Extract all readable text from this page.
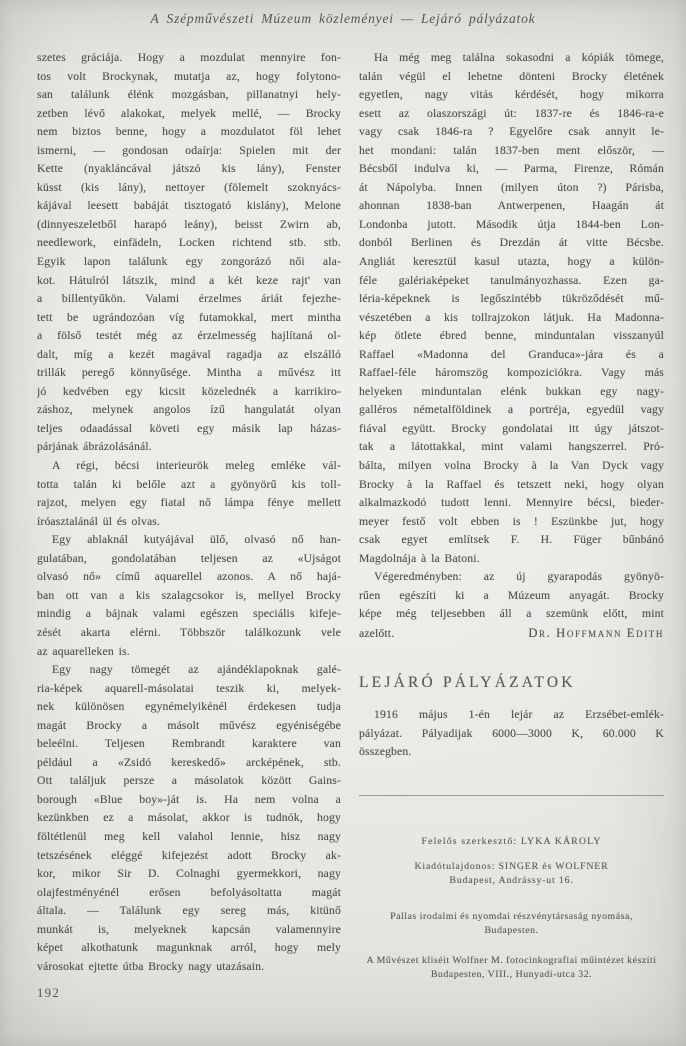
A Szépművészeti Múzeum közleményei — Lejáró pályázatok
szetes gráciája. Hogy a mozdulat mennyire fon-
tos volt Brockynak, mutatja az, hogy folytono-
san találunk élénk mozgásban, pillanatnyi hely-
zetben lévő alakokat, melyek mellé, — Brocky
nem biztos benne, hogy a mozdulatot föl lehet
ismerni, — gondosan odaírja: Spielen mit der
Kette (nyakláncával játszó kis lány), Fenster
küsst (kis lány), nettoyer (fölemelt szoknyács-
kájával leesett babáját tisztogató kislány), Melone
(dinnyeszeletből harapó leány), beisst Zwirn ab,
needlework, einfädeln, Locken richtend stb. stb.
Egyik lapon találunk egy zongorázó női ala-
kot. Hátulról látszik, mind a két keze rajt' van
a billentyűkön. Valami érzelmes áriát fejezhe-
tett be ugrándozóan víg futamokkal, mert mintha
a fölső testét még az érzelmesség hajlítaná ol-
dalt, míg a kezét magával ragadja az elszálló
trillák peregő könnyűsége. Mintha a művész itt
jó kedvében egy kicsit közelednék a karrikiro-
záshoz, melynek angolos ízű hangulatát olyan
teljes odaadással követi egy másik lap házas-
párjának ábrázolásánál.
A régi, bécsi interieurök meleg emléke vál-
totta talán ki belőle azt a gyönyörű kis toll-
rajzot, melyen egy fiatal nő lámpa fénye mellett
íróasztalánál ül és olvas.
Egy ablaknál kutyájával ülő, olvasó nő han-
gulatában, gondolatában teljesen az «Ujságot
olvasó nő» című aquarellel azonos. A nő hajá-
ban ott van a kis szalagcsokor is, mellyel Brocky
mindig a bájnak valami egészen speciális kifeje-
zését akarta elérni. Többször találkozunk vele
az aquarelleken is.
Egy nagy tömegét az ajándéklapoknak galé-
ria-képek aquarell-másolatai teszik ki, melyek-
nek különösen egynémelyikénél érdekesen tudja
magát Brocky a másolt művész egyéniségébe
beleélni. Teljesen Rembrandt karaktere van
például a «Zsidó kereskedő» arcképének, stb.
Ott találjuk persze a másolatok között Gains-
borough «Blue boy»-ját is. Ha nem volna a
kezünkben ez a másolat, akkor is tudnók, hogy
föltétlenül meg kell valahol lennie, hisz nagy
tetszésének eléggé kifejezést adott Brocky ak-
kor, mikor Sir D. Colnaghi gyermekkori, nagy
olajfestményénél erősen befolyásoltatta magát
általa. — Találunk egy sereg más, kitünő
munkát is, melyeknek kapcsán valamennyire
képet alkothatunk magunknak arról, hogy mely
városokat ejtette útba Brocky nagy utazásain.
Ha még meg találna sokasodni a kópiák tömege,
talán végül el lehetne dönteni Brocky életének
egyetlen, nagy vitás kérdését, hogy mikorra
esett az olaszországi út: 1837-re és 1846-ra-e
vagy csak 1846-ra ? Egyelőre csak annyit le-
het mondani: talán 1837-ben ment először, —
Bécsből indulva ki, — Parma, Firenze, Rómán
át Nápolyba. Innen (milyen úton ?) Párisba,
ahonnan 1838-ban Antwerpenen, Haagán át
Londonba jutott. Második útja 1844-ben Lon-
donból Berlinen és Drezdán át vitte Bécsbe.
Angliát keresztül kasul utazta, hogy a külön-
féle galériaképeket tanulmányozhassa. Ezen ga-
léria-képeknek is legőszintébb tükröződését mű-
vészetében a kis tollrajzokon látjuk. Ha Madonna-
kép ötlete ébred benne, minduntalan visszanyúl
Raffael «Madonna del Granduca»-jára és a
Raffael-féle háromszög kompoziciókra. Vagy más
helyeken minduntalan elénk bukkan egy nagy-
galléros németalföldinek a portréja, egyedül vagy
fiával együtt. Brocky gondolatai itt úgy játszot-
tak a látottakkal, mint valami hangszerrel. Pró-
bálta, milyen volna Brocky à la Van Dyck vagy
Brocky à la Raffael és tetszett neki, hogy olyan
alkalmazkodó tudott lenni. Mennyire bécsi, bieder-
meyer festő volt ebben is ! Eszünkbe jut, hogy
csak egyet említsek F. H. Füger bűnbánó
Magdolnája à la Batoni.
Végeredményben: az új gyarapodás gyönyö-
rűen egészíti ki a Múzeum anyagát. Brocky
képe még teljesebben áll a szemünk előtt, mint
azelőtt.	Dr. Hoffmann Edith
LEJÁRÓ PÁLYÁZATOK
1916 május 1-én lejár az Erzsébet-emlék-
pályázat. Pályadijak 6000—3000 K, 60.000 K
összegben.
Felelős szerkesztő: LYKA KÁROLY
Kiadótulajdonos: SINGER és WOLFNER
Budapest, Andrássy-ut 16.
Pallas irodalmi és nyomdai részvénytársaság nyomása,
Budapesten.
A Művészet kliséit Wolfner M. fotocinkografiai műintézet készíti
Budapesten, VIII., Hunyadi-utca 32.
192
